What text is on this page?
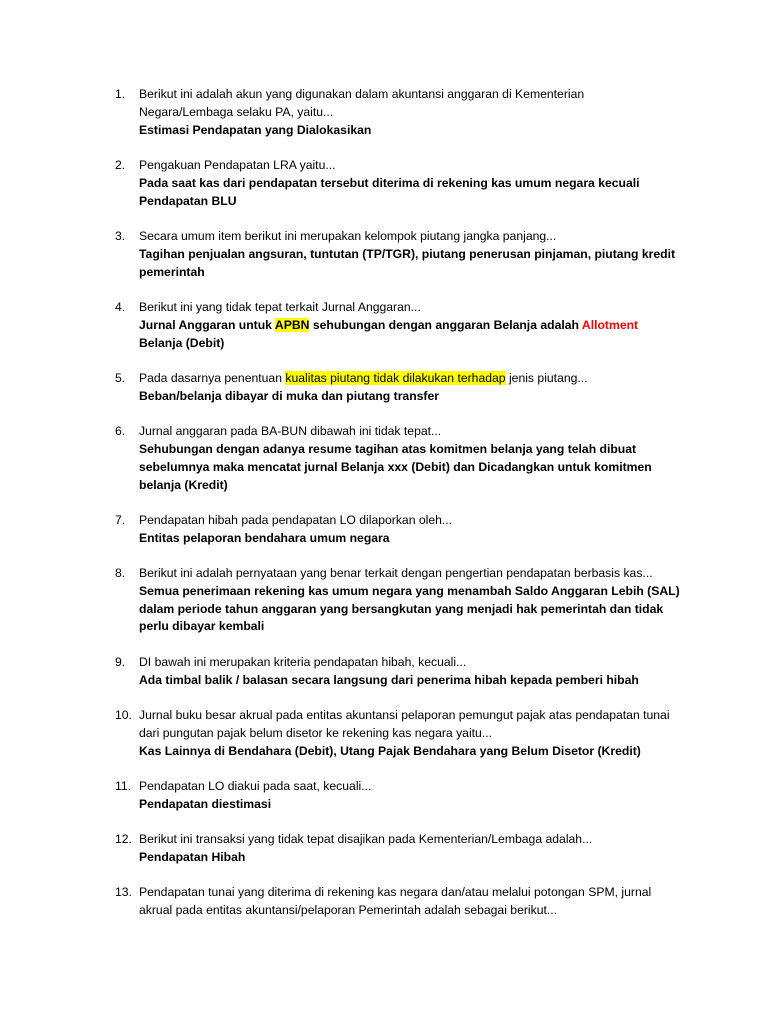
1. Berikut ini adalah akun yang digunakan dalam akuntansi anggaran di Kementerian Negara/Lembaga selaku PA, yaitu...
Estimasi Pendapatan yang Dialokasikan
2. Pengakuan Pendapatan LRA yaitu...
Pada saat kas dari pendapatan tersebut diterima di rekening kas umum negara kecuali Pendapatan BLU
3. Secara umum item berikut ini merupakan kelompok piutang jangka panjang...
Tagihan penjualan angsuran, tuntutan (TP/TGR), piutang penerusan pinjaman, piutang kredit pemerintah
4. Berikut ini yang tidak tepat terkait Jurnal Anggaran...
Jurnal Anggaran untuk APBN sehubungan dengan anggaran Belanja adalah Allotment Belanja (Debit)
5. Pada dasarnya penentuan kualitas piutang tidak dilakukan terhadap jenis piutang...
Beban/belanja dibayar di muka dan piutang transfer
6. Jurnal anggaran pada BA-BUN dibawah ini tidak tepat...
Sehubungan dengan adanya resume tagihan atas komitmen belanja yang telah dibuat sebelumnya maka mencatat jurnal Belanja xxx (Debit) dan Dicadangkan untuk komitmen belanja (Kredit)
7. Pendapatan hibah pada pendapatan LO dilaporkan oleh...
Entitas pelaporan bendahara umum negara
8. Berikut ini adalah pernyataan yang benar terkait dengan pengertian pendapatan berbasis kas...
Semua penerimaan rekening kas umum negara yang menambah Saldo Anggaran Lebih (SAL) dalam periode tahun anggaran yang bersangkutan yang menjadi hak pemerintah dan tidak perlu dibayar kembali
9. DI bawah ini merupakan kriteria pendapatan hibah, kecuali...
Ada timbal balik / balasan secara langsung dari penerima hibah kepada pemberi hibah
10. Jurnal buku besar akrual pada entitas akuntansi pelaporan pemungut pajak atas pendapatan tunai dari pungutan pajak belum disetor ke rekening kas negara yaitu...
Kas Lainnya di Bendahara (Debit), Utang Pajak Bendahara yang Belum Disetor (Kredit)
11. Pendapatan LO diakui pada saat, kecuali...
Pendapatan diestimasi
12. Berikut ini transaksi yang tidak tepat disajikan pada Kementerian/Lembaga adalah...
Pendapatan Hibah
13. Pendapatan tunai yang diterima di rekening kas negara dan/atau melalui potongan SPM, jurnal akrual pada entitas akuntansi/pelaporan Pemerintah adalah sebagai berikut...
